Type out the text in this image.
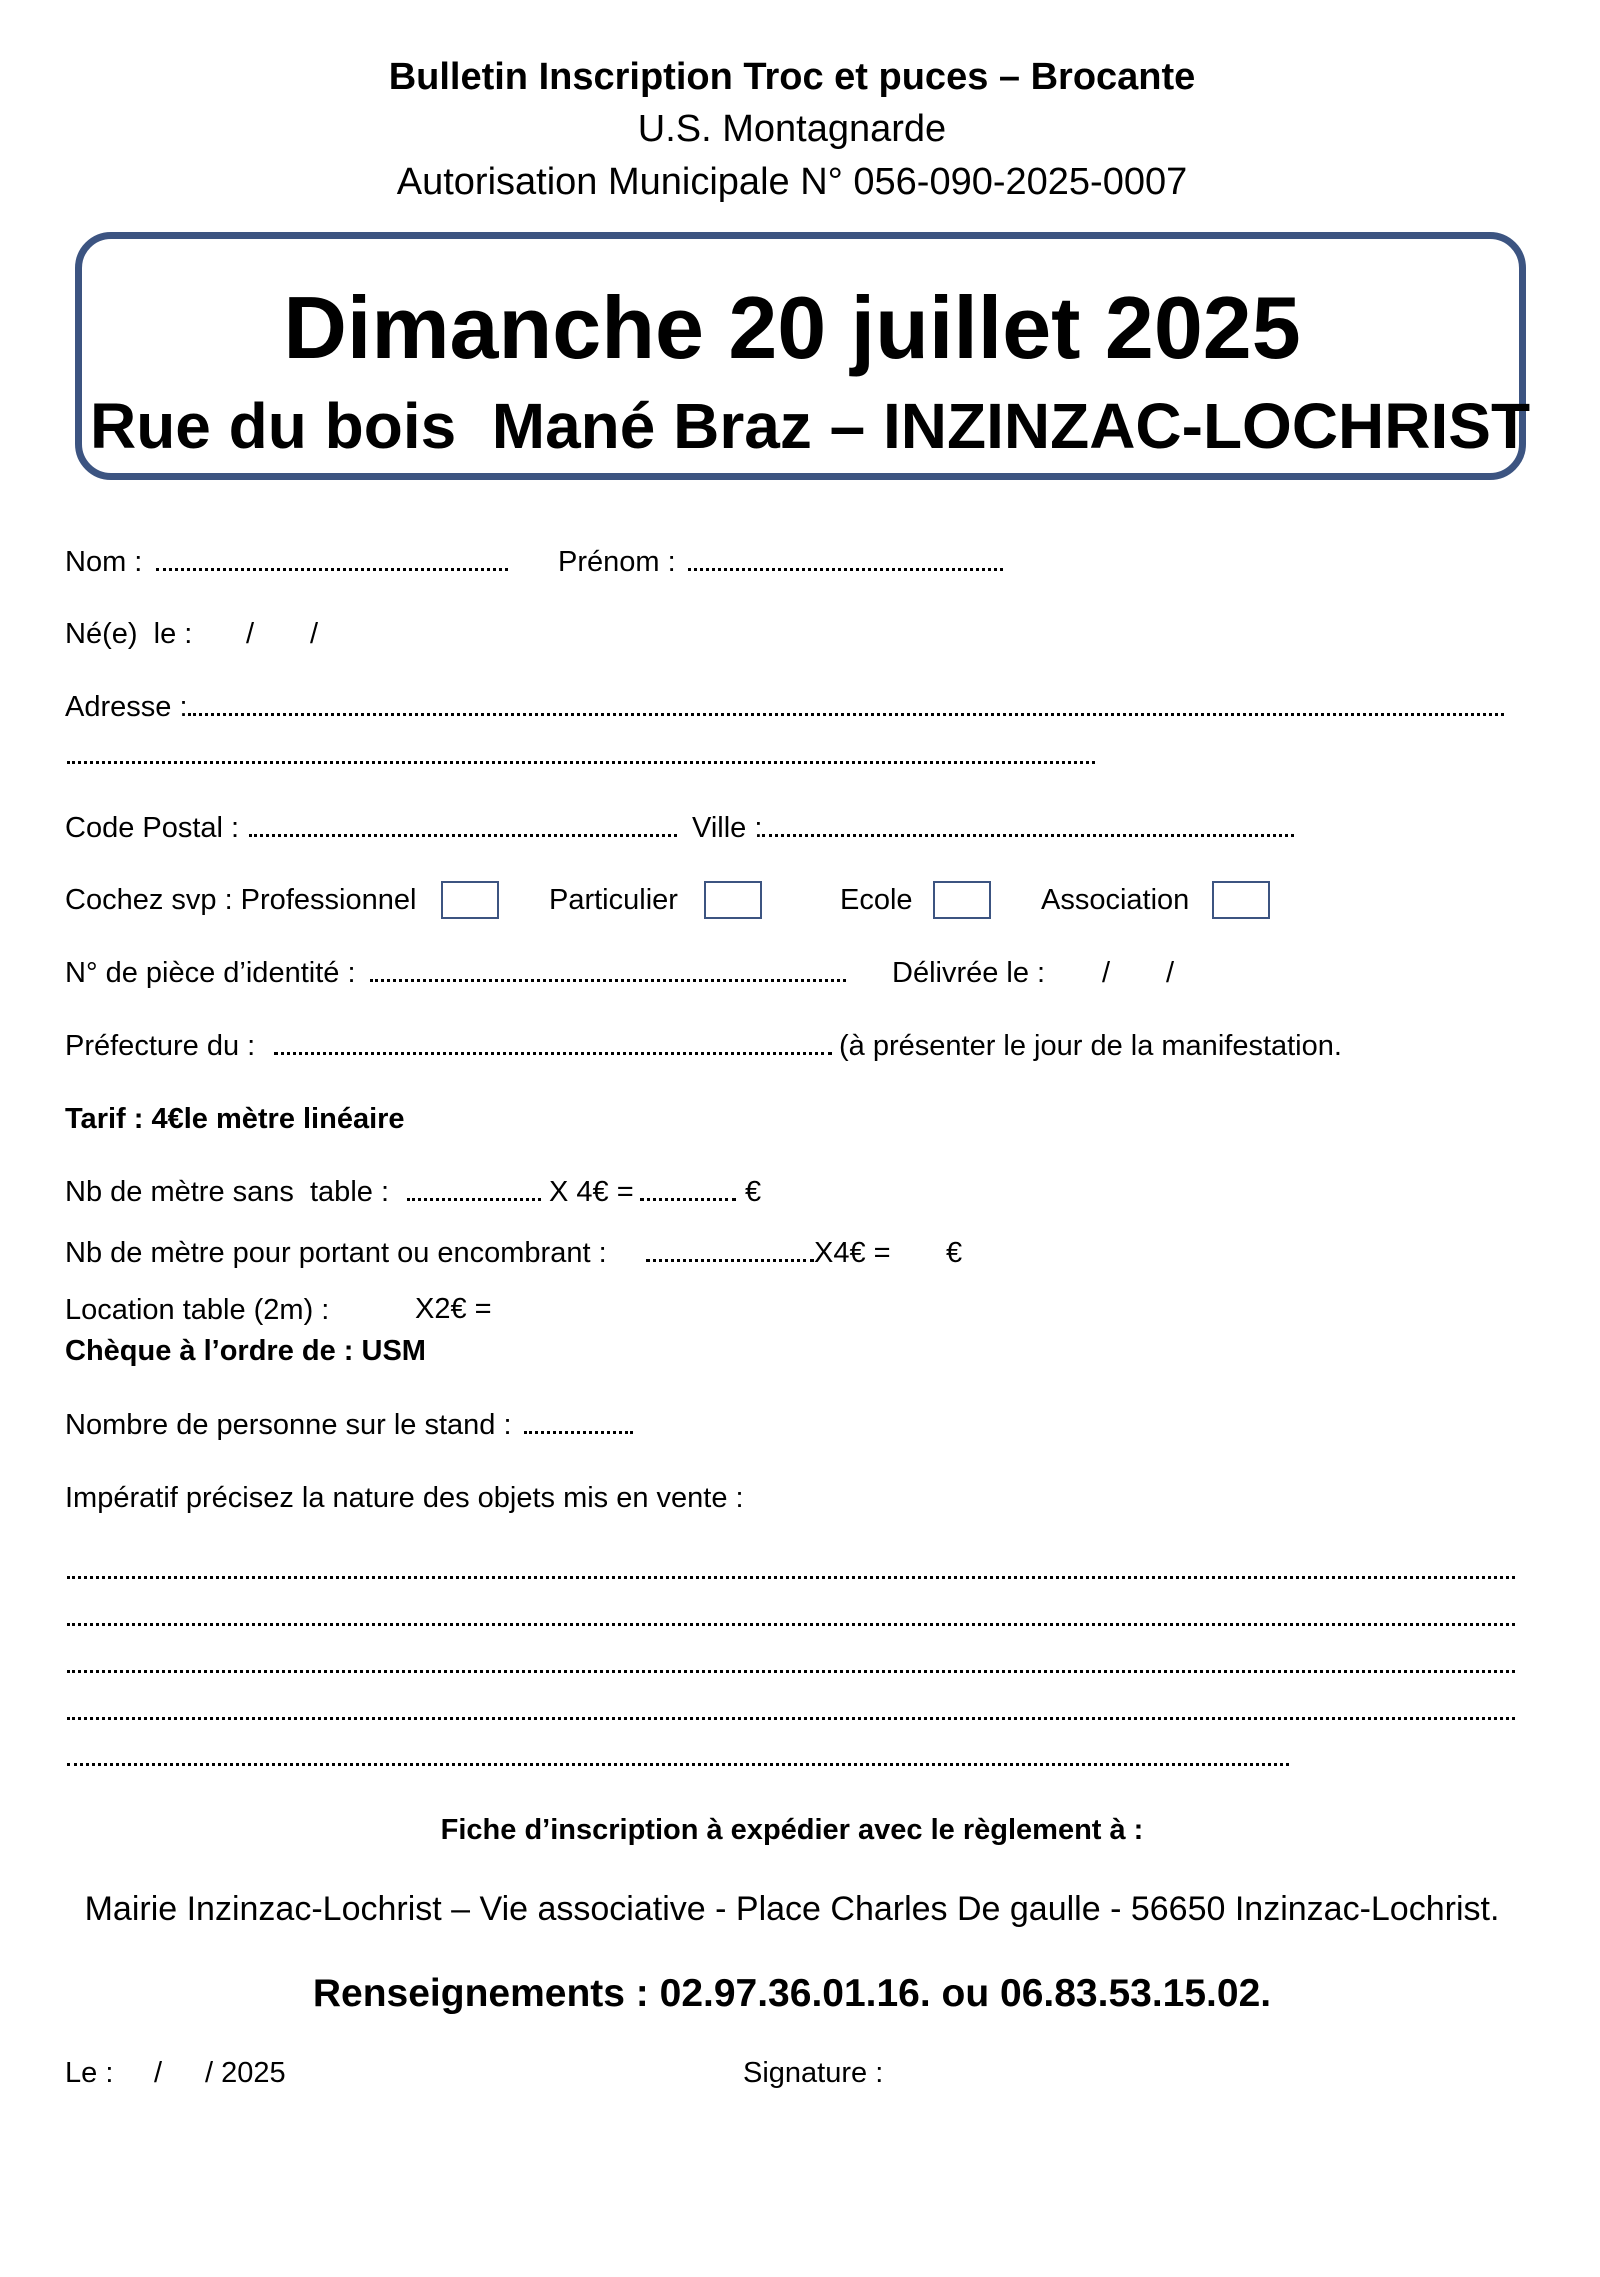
Bulletin Inscription Troc et puces – Brocante
U.S. Montagnarde
Autorisation Municipale N° 056-090-2025-0007
Dimanche 20 juillet 2025
Rue du bois  Mané Braz – INZINZAC-LOCHRIST
Nom :	Prénom :
Né(e)  le : / /
Adresse :
Code Postal :	Ville :
Cochez svp : Professionnel	Particulier	Ecole	Association
N° de pièce d’identité :	Délivrée le : / /
Préfecture du :	(à présenter le jour de la manifestation.
Tarif : 4€le mètre linéaire
Nb de mètre sans  table :	X 4€ =	€
Nb de mètre pour portant ou encombrant :	X4€ = €
Location table (2m) :	X2€ =
Chèque à l’ordre de : USM
Nombre de personne sur le stand :
Impératif précisez la nature des objets mis en vente :
Fiche d’inscription à expédier avec le règlement à :
Mairie Inzinzac-Lochrist – Vie associative - Place Charles De gaulle - 56650 Inzinzac-Lochrist.
Renseignements : 02.97.36.01.16. ou 06.83.53.15.02.
Le : / / 2025	Signature :
